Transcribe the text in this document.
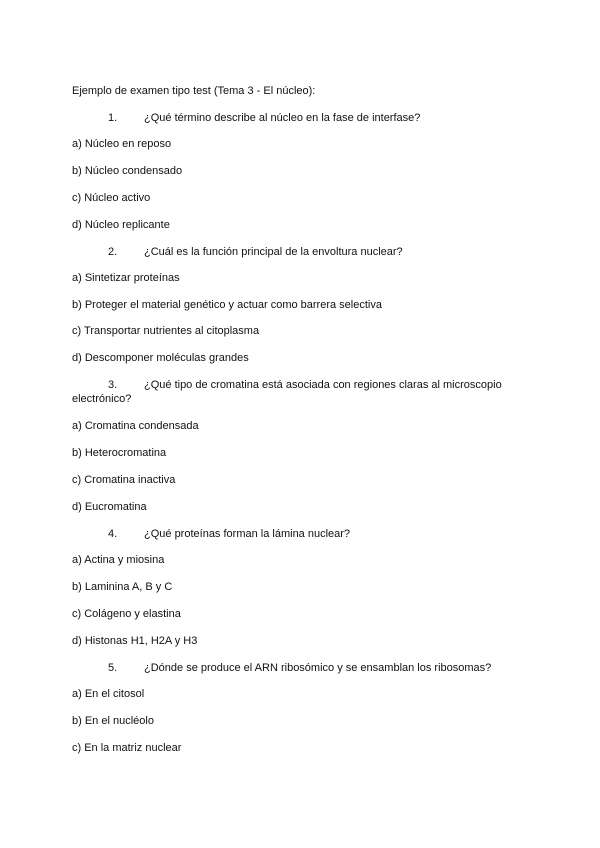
Ejemplo de examen tipo test (Tema 3 - El núcleo):
1.	¿Qué término describe al núcleo en la fase de interfase?
a) Núcleo en reposo
b) Núcleo condensado
c) Núcleo activo
d) Núcleo replicante
2.	¿Cuál es la función principal de la envoltura nuclear?
a) Sintetizar proteínas
b) Proteger el material genético y actuar como barrera selectiva
c) Transportar nutrientes al citoplasma
d) Descomponer moléculas grandes
3.	¿Qué tipo de cromatina está asociada con regiones claras al microscopio electrónico?
a) Cromatina condensada
b) Heterocromatina
c) Cromatina inactiva
d) Eucromatina
4.	¿Qué proteínas forman la lámina nuclear?
a) Actina y miosina
b) Laminina A, B y C
c) Colágeno y elastina
d) Histonas H1, H2A y H3
5.	¿Dónde se produce el ARN ribosómico y se ensamblan los ribosomas?
a) En el citosol
b) En el nucléolo
c) En la matriz nuclear
